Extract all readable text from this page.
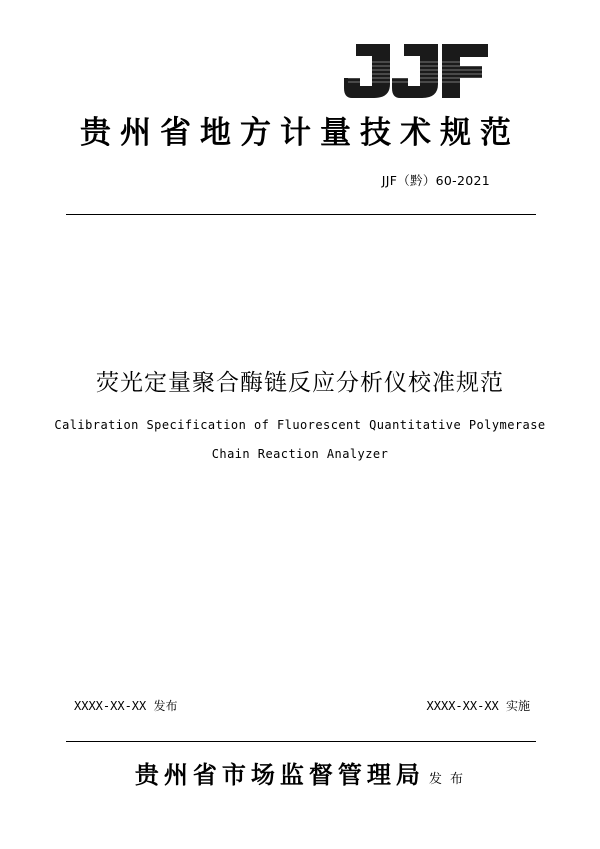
贵州省地方计量技术规范
JJF（黔）60-2021
荧光定量聚合酶链反应分析仪校准规范
Calibration Specification of Fluorescent Quantitative Polymerase
Chain Reaction Analyzer
XXXX-XX-XX 发布	XXXX-XX-XX 实施
贵州省市场监督管理局 发 布
